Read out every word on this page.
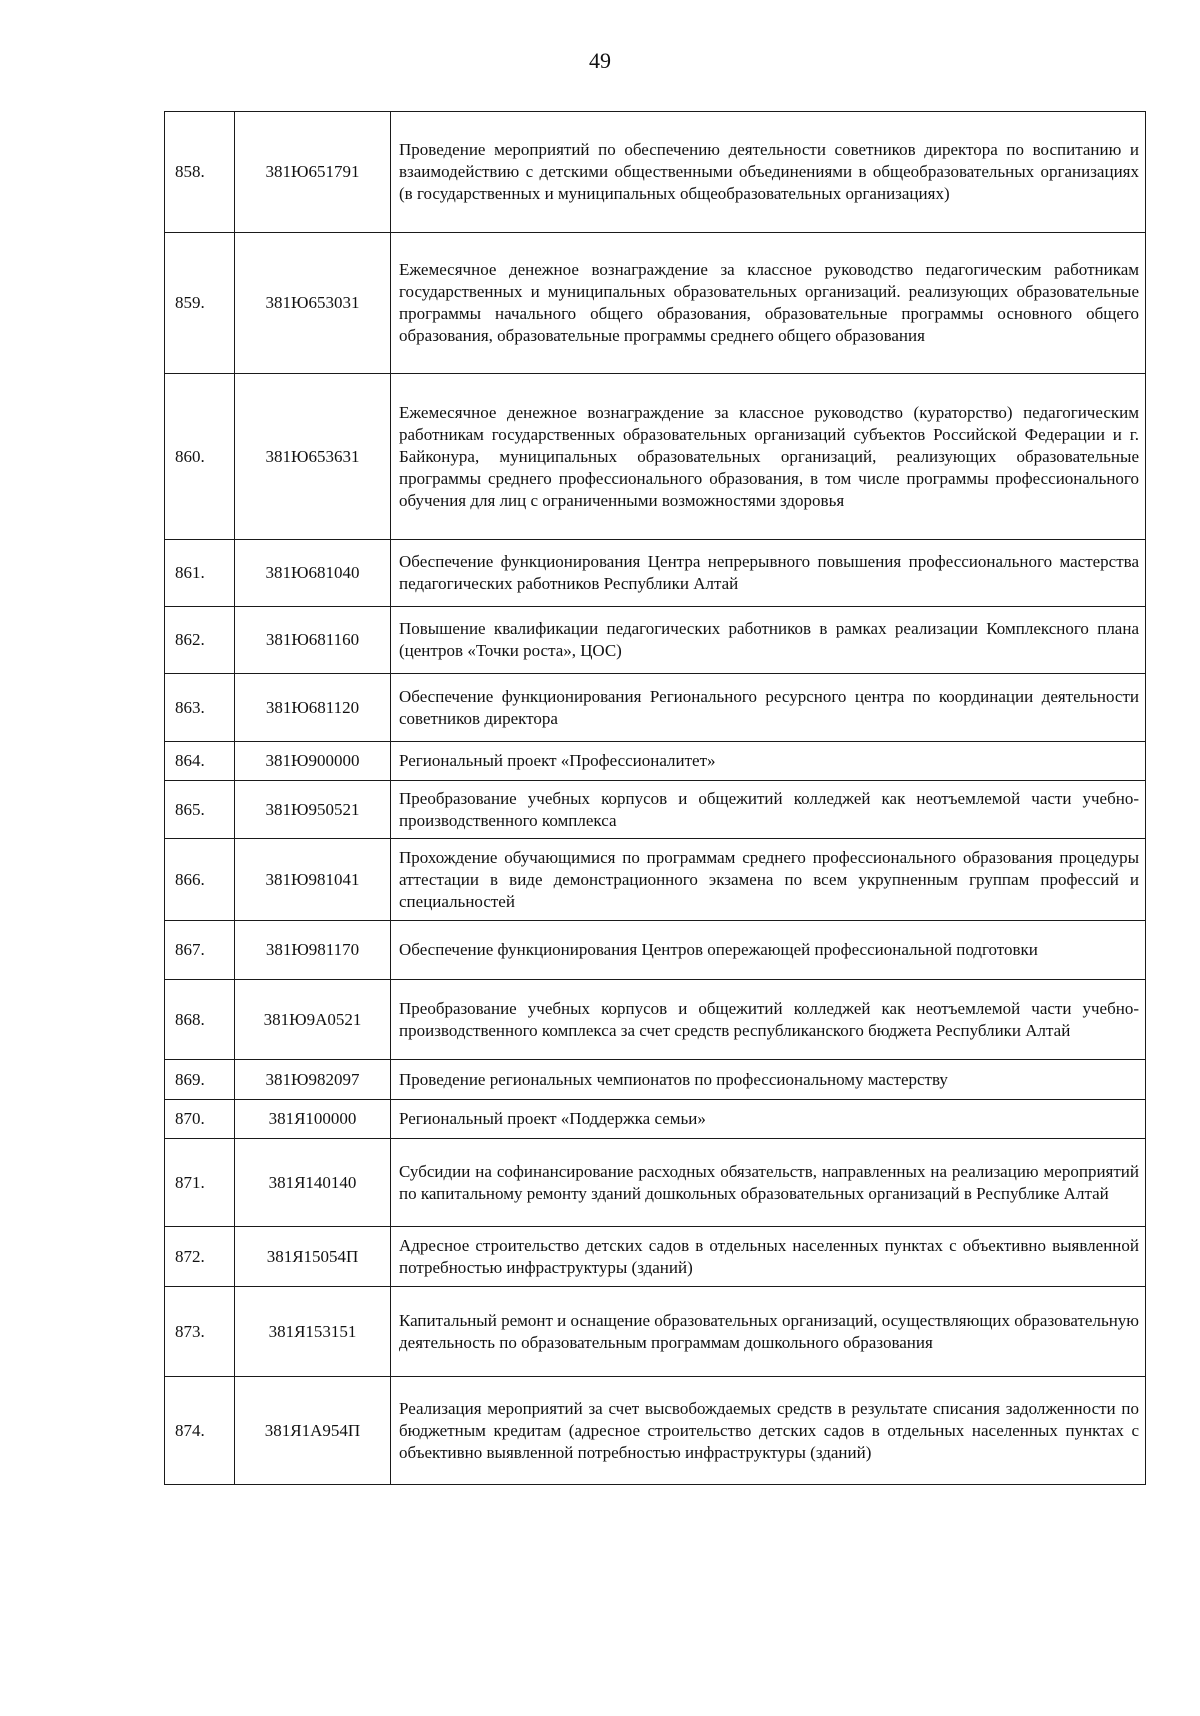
49
858.	381Ю651791	Проведение мероприятий по обеспечению деятельности советников директора по воспитанию и взаимодействию с детскими общественными объединениями в общеобразовательных организациях (в государственных и муниципальных общеобразовательных организациях)
859.	381Ю653031	Ежемесячное денежное вознаграждение за классное руководство педагогическим работникам государственных и муниципальных образовательных организаций. реализующих образовательные программы начального общего образования, образовательные программы основного общего образования, образовательные программы среднего общего образования
860.	381Ю653631	Ежемесячное денежное вознаграждение за классное руководство (кураторство) педагогическим работникам государственных образовательных организаций субъектов Российской Федерации и г. Байконура, муниципальных образовательных организаций, реализующих образовательные программы среднего профессионального образования, в том числе программы профессионального обучения для лиц с ограниченными возможностями здоровья
861.	381Ю681040	Обеспечение функционирования Центра непрерывного повышения профессионального мастерства педагогических работников Республики Алтай
862.	381Ю681160	Повышение квалификации педагогических работников в рамках реализации Комплексного плана (центров «Точки роста», ЦОС)
863.	381Ю681120	Обеспечение функционирования Регионального ресурсного центра по координации деятельности советников директора
864.	381Ю900000	Региональный проект «Профессионалитет»
865.	381Ю950521	Преобразование учебных корпусов и общежитий колледжей как неотъемлемой части учебно-производственного комплекса
866.	381Ю981041	Прохождение обучающимися по программам среднего профессионального образования процедуры аттестации в виде демонстрационного экзамена по всем укрупненным группам профессий и специальностей
867.	381Ю981170	Обеспечение функционирования Центров опережающей профессиональной подготовки
868.	381Ю9А0521	Преобразование учебных корпусов и общежитий колледжей как неотъемлемой части учебно-производственного комплекса за счет средств республиканского бюджета Республики Алтай
869.	381Ю982097	Проведение региональных чемпионатов по профессиональному мастерству
870.	381Я100000	Региональный проект «Поддержка семьи»
871.	381Я140140	Субсидии на софинансирование расходных обязательств, направленных на реализацию мероприятий по капитальному ремонту зданий дошкольных образовательных организаций в Республике Алтай
872.	381Я15054П	Адресное строительство детских садов в отдельных населенных пунктах с объективно выявленной потребностью инфраструктуры (зданий)
873.	381Я153151	Капитальный ремонт и оснащение образовательных организаций, осуществляющих образовательную деятельность по образовательным программам дошкольного образования
874.	381Я1А954П	Реализация мероприятий за счет высвобождаемых средств в результате списания задолженности по бюджетным кредитам (адресное строительство детских садов в отдельных населенных пунктах с объективно выявленной потребностью инфраструктуры (зданий)
